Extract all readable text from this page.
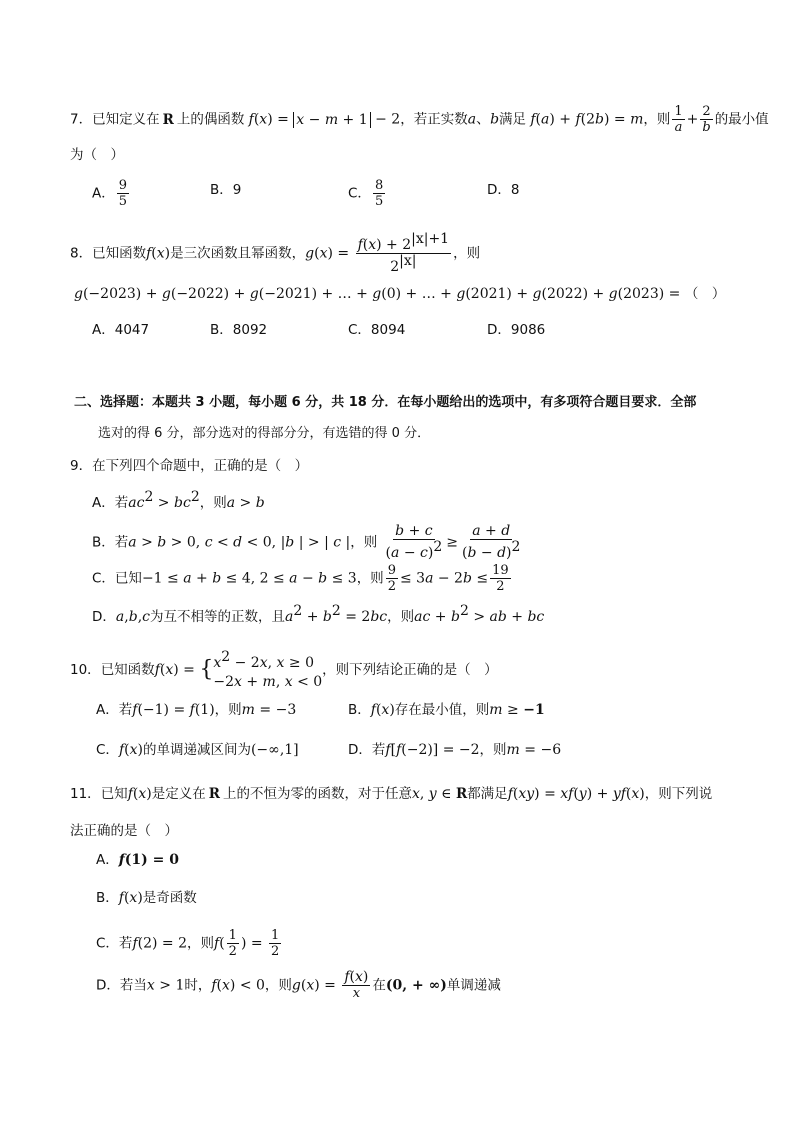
7．已知定义在 R 上的偶函数 f(x) = x − m + 1 − 2，若正实数a、b满足 f(a) + f(2b) = m，则 $\frac{1}{a} + \frac{2}{b}$ 的最小值
为（　）
A． $\frac{9}{5}$	B．9	C． $\frac{8}{5}$	D．8
8．已知函数f(x)是三次函数且幂函数，$g(x) = \frac{f(x) + 2^{|x|+1}}{2^{|x|}}$ ，则
g(−2023) + g(−2022) + g(−2021) + … + g(0) + … + g(2021) + g(2022) + g(2023) = （　）
A．4047	B．8092	C．8094	D．9086
二、选择题：本题共 3 小题，每小题 6 分，共 18 分．在每小题给出的选项中，有多项符合题目要求．全部
选对的得 6 分，部分选对的得部分分，有选错的得 0 分．
9．在下列四个命题中，正确的是（　）
A．若$ac^2 > bc^2$，则a > b
B．若a > b > 0, c < d < 0, |b | > | c |，则 $\frac{b + c}{(a - c)^2} \ge \frac{a + d}{(b - d)^2}$
C．已知−1 ≤ a + b ≤ 4, 2 ≤ a − b ≤ 3，则 $\frac{9}{2} \le 3a - 2b \le \frac{19}{2}$
D．a,b,c为互不相等的正数，且$a^2 + b^2 = 2bc$，则ac + $b^2$ > ab + bc
10．已知函数f(x) = { $x^2 - 2x$, x ≥ 0
−2x + m, x < 0
，则下列结论正确的是（　）
A．若f(−1) = f(1)，则m = −3	B．f(x)存在最小值，则m ≥ −1
C．f(x)的单调递减区间为(−∞,1]	D．若f[f(−2)] = −2，则m = −6
11．已知f(x)是定义在 R 上的不恒为零的函数，对于任意x, y ∈ R都满足f(xy) = xf(y) + yf(x)，则下列说
法正确的是（　）
A．f(1) = 0
B．f(x)是奇函数
C．若f(2) = 2，则$f( \frac{1}{2}$ ) = $\frac{1}{2}$
D．若当x > 1时，f(x) < 0，则$g(x) = \frac{f(x)}{x}$ 在(0, + ∞)单调递减
